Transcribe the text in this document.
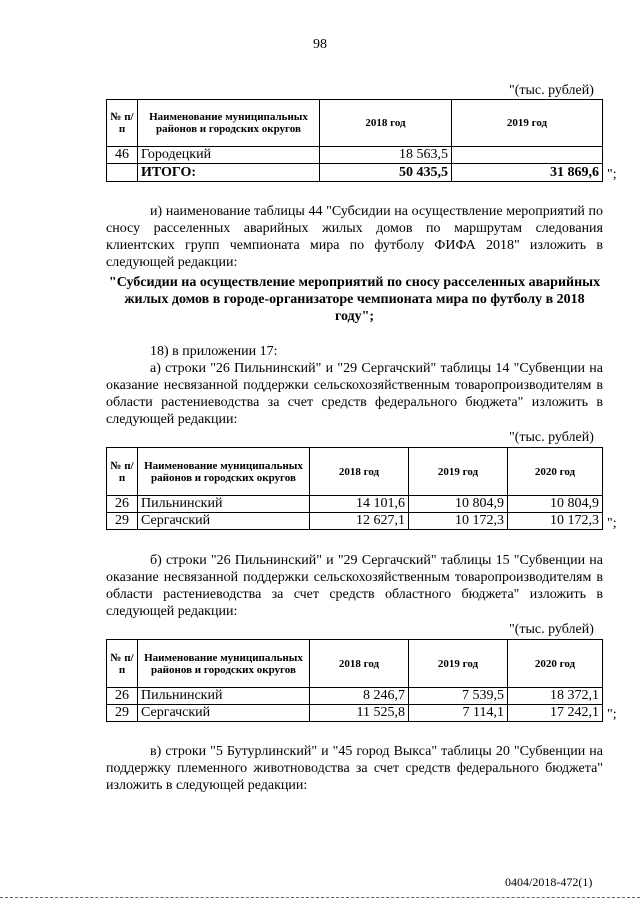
98
"(тыс. рублей)
№ п/п	Наименование муниципальных районов и городских округов	2018 год	2019 год
46	Городецкий	18 563,5	
	ИТОГО:	50 435,5	31 869,6 ";
и) наименование таблицы 44 "Субсидии на осуществление мероприятий по сносу расселенных аварийных жилых домов по маршрутам следования клиентских групп чемпионата мира по футболу ФИФА 2018" изложить в следующей редакции:
"Субсидии на осуществление мероприятий по сносу расселенных аварийных жилых домов в городе-организаторе чемпионата мира по футболу в 2018 году";
18) в приложении 17:
а) строки "26 Пильнинский" и "29 Сергачский" таблицы 14 "Субвенции на оказание несвязанной поддержки сельскохозяйственным товаропроизводителям в области растениеводства за счет средств федерального бюджета" изложить в следующей редакции:
"(тыс. рублей)
№ п/п	Наименование муниципальных районов и городских округов	2018 год	2019 год	2020 год
26	Пильнинский	14 101,6	10 804,9	10 804,9
29	Сергачский	12 627,1	10 172,3	10 172,3 ";
б) строки "26 Пильнинский" и "29 Сергачский" таблицы 15 "Субвенции на оказание несвязанной поддержки сельскохозяйственным товаропроизводителям в области растениеводства за счет средств областного бюджета" изложить в следующей редакции:
"(тыс. рублей)
№ п/п	Наименование муниципальных районов и городских округов	2018 год	2019 год	2020 год
26	Пильнинский	8 246,7	7 539,5	18 372,1
29	Сергачский	11 525,8	7 114,1	17 242,1 ";
в) строки "5 Бутурлинский" и "45 город Выкса" таблицы 20 "Субвенции на поддержку племенного животноводства за счет средств федерального бюджета" изложить в следующей редакции:
0404/2018-472(1)
